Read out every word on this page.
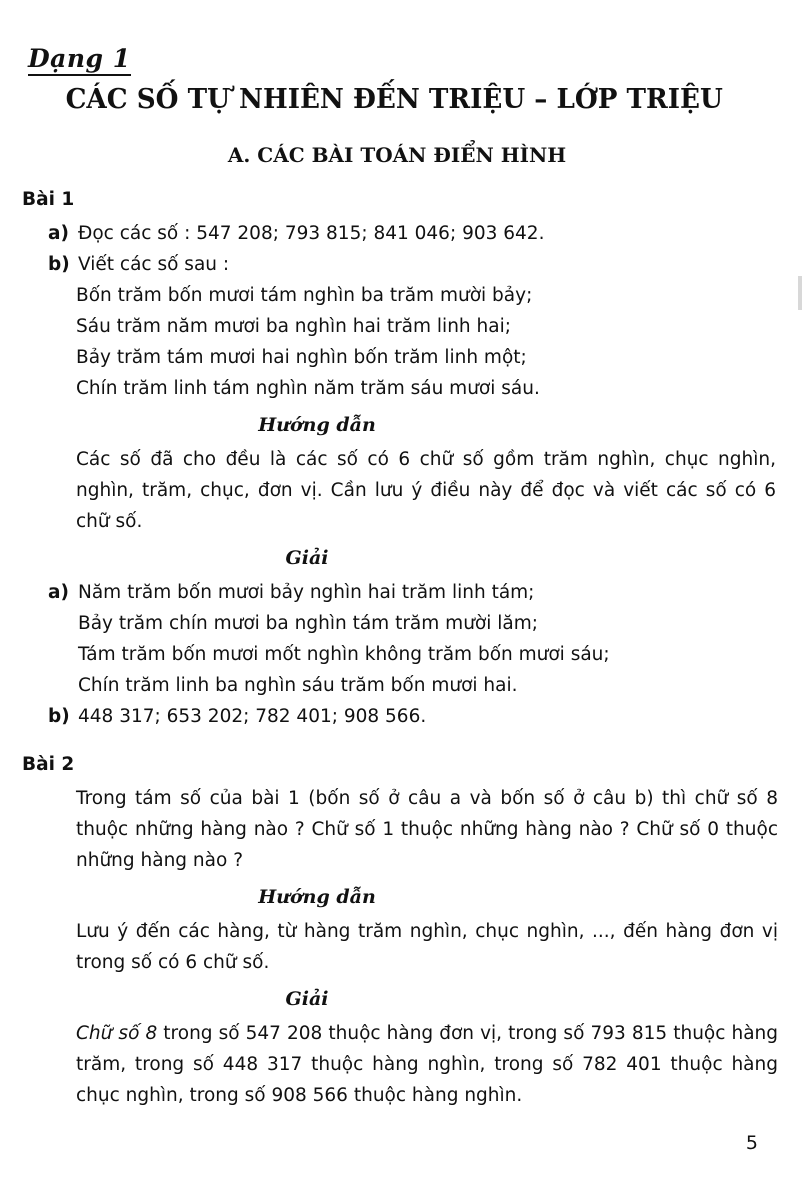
Dạng 1
CÁC SỐ TỰ NHIÊN ĐẾN TRIỆU – LỚP TRIỆU
A. CÁC BÀI TOÁN ĐIỂN HÌNH
Bài 1
a) Đọc các số : 547 208; 793 815; 841 046; 903 642.
b) Viết các số sau :
Bốn trăm bốn mươi tám nghìn ba trăm mười bảy;
Sáu trăm năm mươi ba nghìn hai trăm linh hai;
Bảy trăm tám mươi hai nghìn bốn trăm linh một;
Chín trăm linh tám nghìn năm trăm sáu mươi sáu.
Hướng dẫn
Các số đã cho đều là các số có 6 chữ số gồm trăm nghìn, chục nghìn, nghìn, trăm, chục, đơn vị. Cần lưu ý điều này để đọc và viết các số có 6 chữ số.
Giải
a) Năm trăm bốn mươi bảy nghìn hai trăm linh tám;
Bảy trăm chín mươi ba nghìn tám trăm mười lăm;
Tám trăm bốn mươi mốt nghìn không trăm bốn mươi sáu;
Chín trăm linh ba nghìn sáu trăm bốn mươi hai.
b) 448 317; 653 202; 782 401; 908 566.
Bài 2
Trong tám số của bài 1 (bốn số ở câu a và bốn số ở câu b) thì chữ số 8 thuộc những hàng nào ? Chữ số 1 thuộc những hàng nào ? Chữ số 0 thuộc những hàng nào ?
Hướng dẫn
Lưu ý đến các hàng, từ hàng trăm nghìn, chục nghìn, ..., đến hàng đơn vị trong số có 6 chữ số.
Giải
Chữ số 8 trong số 547 208 thuộc hàng đơn vị, trong số 793 815 thuộc hàng trăm, trong số 448 317 thuộc hàng nghìn, trong số 782 401 thuộc hàng chục nghìn, trong số 908 566 thuộc hàng nghìn.
5
